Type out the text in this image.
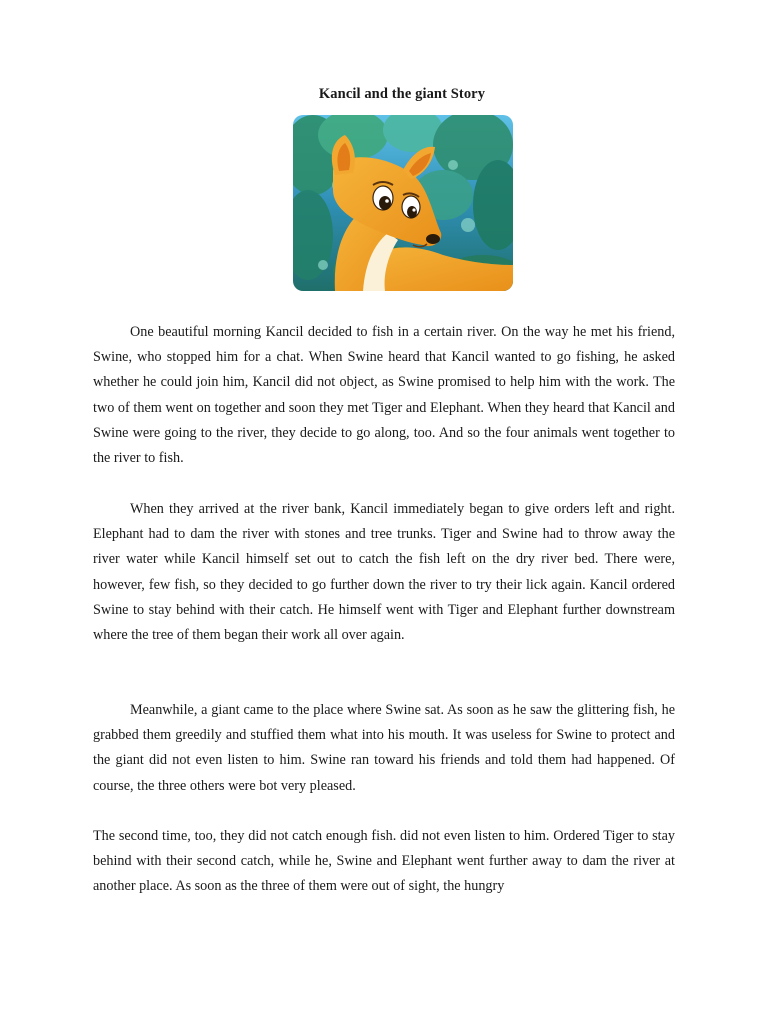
Kancil and the giant Story

One beautiful morning Kancil decided to fish in a certain river. On the way he met his friend, Swine, who stopped him for a chat. When Swine heard that Kancil wanted to go fishing, he asked whether he could join him, Kancil did not object, as Swine promised to help him with the work. The two of them went on together and soon they met Tiger and Elephant. When they heard that Kancil and Swine were going to the river, they decide to go along, too. And so the four animals went together to the river to fish.

When they arrived at the river bank, Kancil immediately began to give orders left and right. Elephant had to dam the river with stones and tree trunks. Tiger and Swine had to throw away the river water while Kancil himself set out to catch the fish left on the dry river bed. There were, however, few fish, so they decided to go further down the river to try their lick again. Kancil ordered Swine to stay behind with their catch. He himself went with Tiger and Elephant further downstream where the tree of them began their work all over again.

Meanwhile, a giant came to the place where Swine sat. As soon as he saw the glittering fish, he grabbed them greedily and stuffied them what into his mouth. It was useless for Swine to protect and the giant did not even listen to him. Swine ran toward his friends and told them had happened. Of course, the three others were bot very pleased.

The second time, too, they did not catch enough fish. did not even listen to him. Ordered Tiger to stay behind with their second catch, while he, Swine and Elephant went further away to dam the river at another place. As soon as the three of them were out of sight, the hungry
